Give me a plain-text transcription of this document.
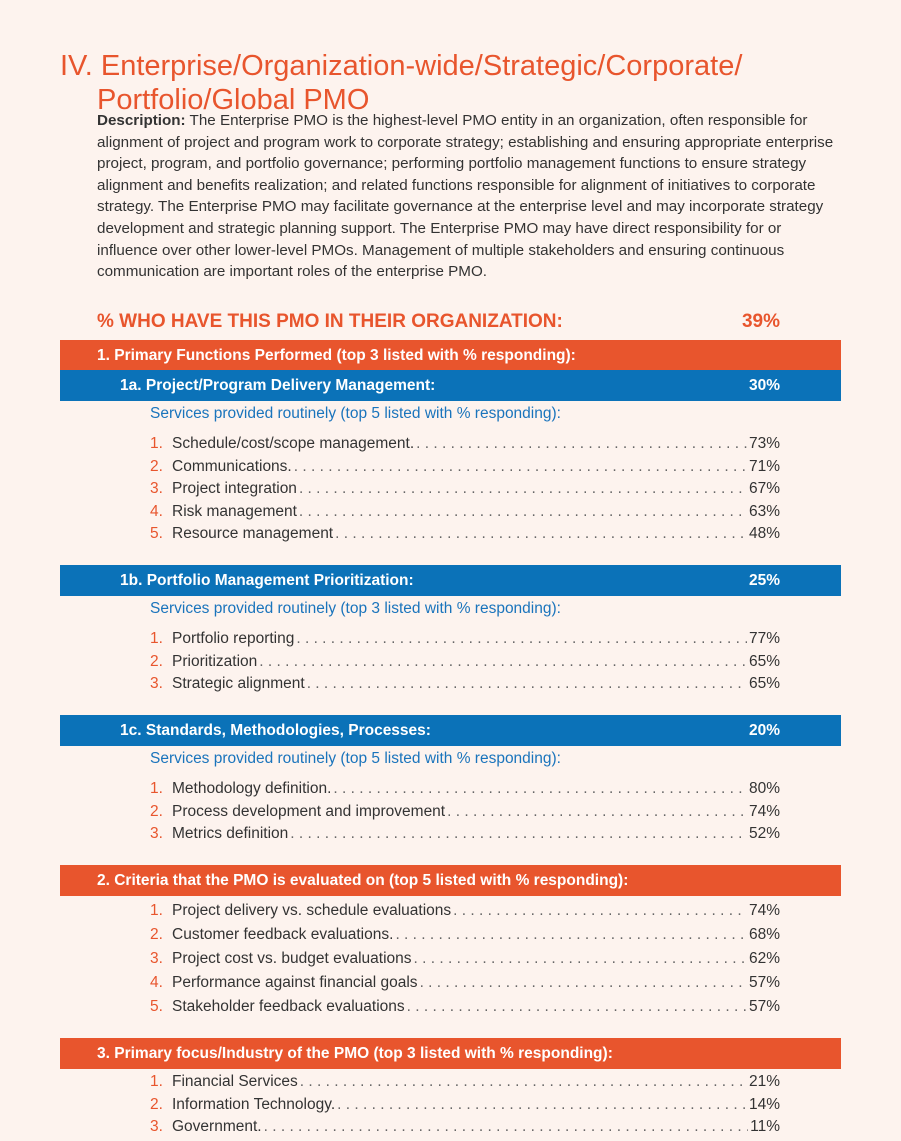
IV. Enterprise/Organization-wide/Strategic/Corporate/
Portfolio/Global PMO

Description: The Enterprise PMO is the highest-level PMO entity in an organization, often responsible for alignment of project and program work to corporate strategy; establishing and ensuring appropriate enterprise project, program, and portfolio governance; performing portfolio management functions to ensure strategy alignment and benefits realization; and related functions responsible for alignment of initiatives to corporate strategy. The Enterprise PMO may facilitate governance at the enterprise level and may incorporate strategy development and strategic planning support. The Enterprise PMO may have direct responsibility for or influence over other lower-level PMOs. Management of multiple stakeholders and ensuring continuous communication are important roles of the enterprise PMO.

% WHO HAVE THIS PMO IN THEIR ORGANIZATION:	39%
1. Primary Functions Performed (top 3 listed with % responding):
1a. Project/Program Delivery Management:	30%
Services provided routinely (top 5 listed with % responding):
1. Schedule/cost/scope management. . . .	73%
2. Communications. . . .	71%
3. Project integration . . .	67%
4. Risk management . . .	63%
5. Resource management . . .	48%
1b. Portfolio Management Prioritization:	25%
Services provided routinely (top 3 listed with % responding):
1. Portfolio reporting . . .	77%
2. Prioritization . . .	65%
3. Strategic alignment . . .	65%
1c. Standards, Methodologies, Processes:	20%
Services provided routinely (top 5 listed with % responding):
1. Methodology definition. . . .	80%
2. Process development and improvement . . .	74%
3. Metrics definition . . .	52%
2. Criteria that the PMO is evaluated on (top 5 listed with % responding):
1. Project delivery vs. schedule evaluations . . .	74%
2. Customer feedback evaluations. . . .	68%
3. Project cost vs. budget evaluations . . .	62%
4. Performance against financial goals . . .	57%
5. Stakeholder feedback evaluations . . .	57%
3. Primary focus/Industry of the PMO (top 3 listed with % responding):
1. Financial Services . . .	21%
2. Information Technology. . . .	14%
3. Government. . . .	11%
